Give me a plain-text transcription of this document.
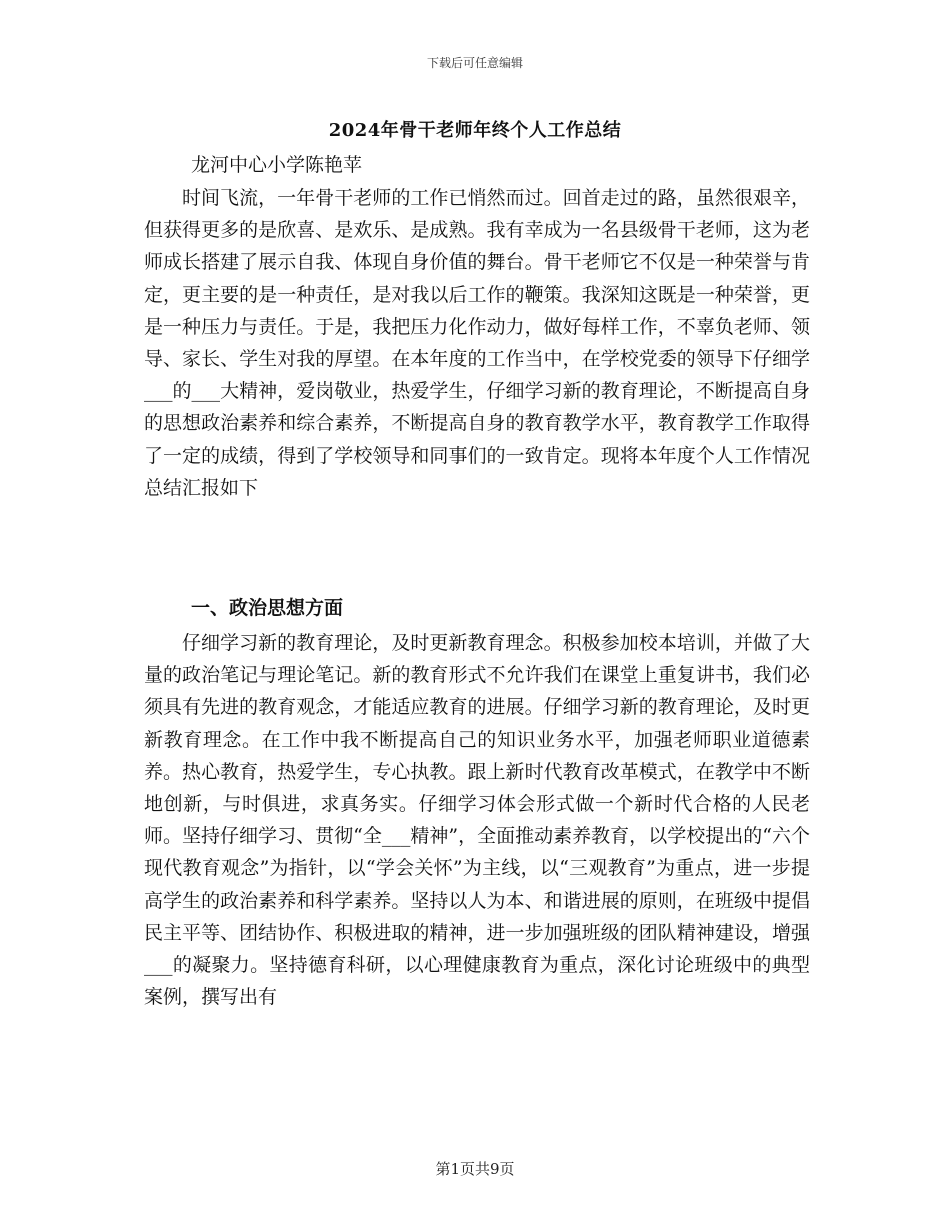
下载后可任意编辑
2024年骨干老师年终个人工作总结
龙河中心小学陈艳苹

时间飞流，一年骨干老师的工作已悄然而过。回首走过的路，虽然很艰辛，但获得更多的是欣喜、是欢乐、是成熟。我有幸成为一名县级骨干老师，这为老师成长搭建了展示自我、体现自身价值的舞台。骨干老师它不仅是一种荣誉与肯定，更主要的是一种责任，是对我以后工作的鞭策。我深知这既是一种荣誉，更是一种压力与责任。于是，我把压力化作动力，做好每样工作，不辜负老师、领导、家长、学生对我的厚望。在本年度的工作当中，在学校党委的领导下仔细学___的___大精神，爱岗敬业，热爱学生，仔细学习新的教育理论，不断提高自身的思想政治素养和综合素养，不断提高自身的教育教学水平，教育教学工作取得了一定的成绩，得到了学校领导和同事们的一致肯定。现将本年度个人工作情况总结汇报如下

一、政治思想方面

仔细学习新的教育理论，及时更新教育理念。积极参加校本培训，并做了大量的政治笔记与理论笔记。新的教育形式不允许我们在课堂上重复讲书，我们必须具有先进的教育观念，才能适应教育的进展。仔细学习新的教育理论，及时更新教育理念。在工作中我不断提高自己的知识业务水平，加强老师职业道德素养。热心教育，热爱学生，专心执教。跟上新时代教育改革模式，在教学中不断地创新，与时俱进，求真务实。仔细学习体会形式做一个新时代合格的人民老师。坚持仔细学习、贯彻“全___精神”，全面推动素养教育，以学校提出的“六个现代教育观念”为指针，以“学会关怀”为主线，以“三观教育”为重点，进一步提高学生的政治素养和科学素养。坚持以人为本、和谐进展的原则，在班级中提倡民主平等、团结协作、积极进取的精神，进一步加强班级的团队精神建设，增强___的凝聚力。坚持德育科研，以心理健康教育为重点，深化讨论班级中的典型案例，撰写出有

第1页共9页
